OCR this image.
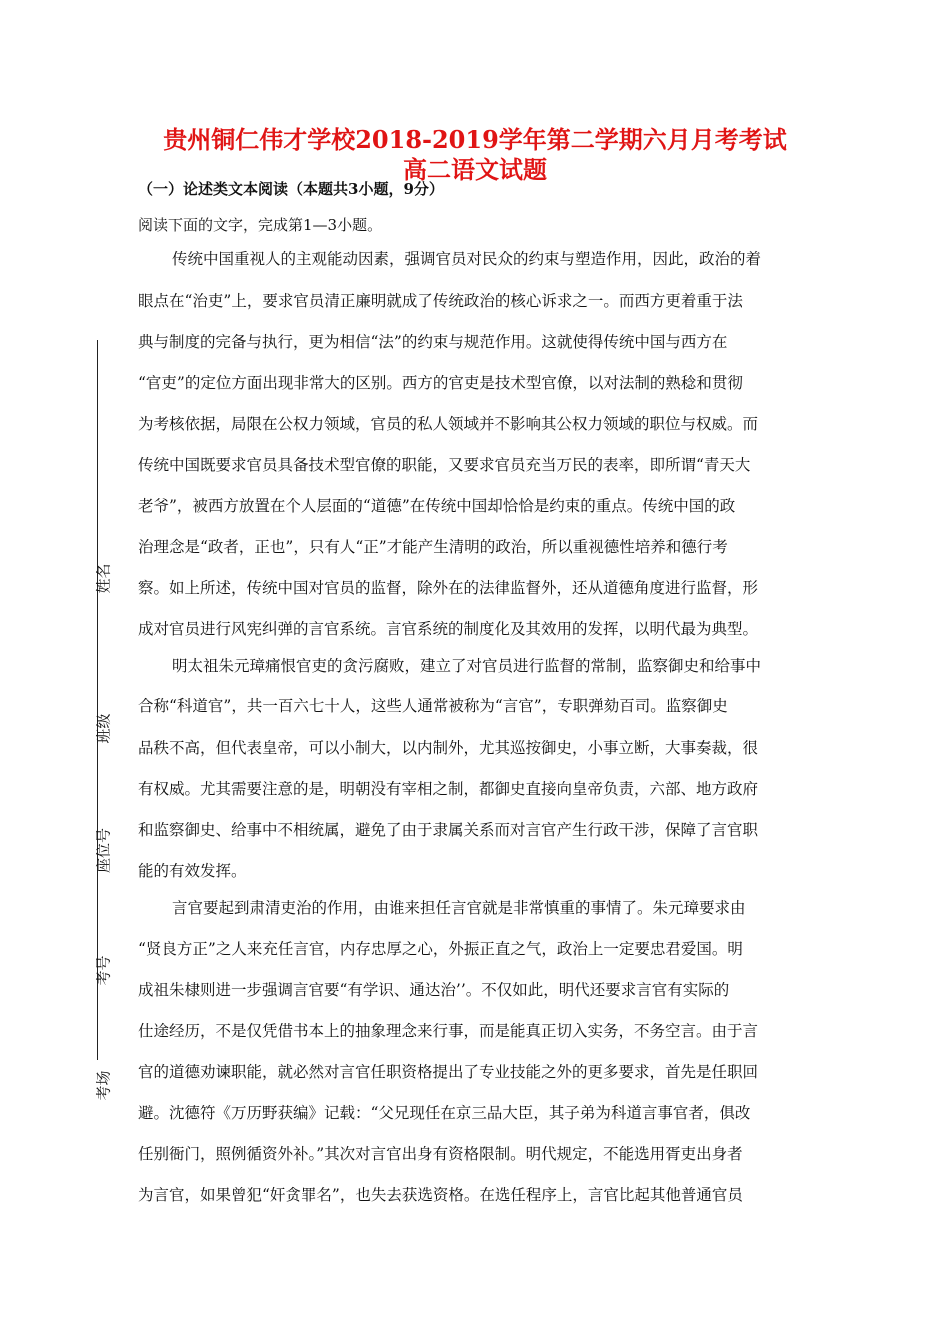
贵州铜仁伟才学校2018-2019学年第二学期六月月考考试
高二语文试题
（一）论述类文本阅读（本题共3小题，9分）
阅读下面的文字，完成第1—3小题。
传统中国重视人的主观能动因素，强调官员对民众的约束与塑造作用，因此，政治的着
眼点在“治吏”上，要求官员清正廉明就成了传统政治的核心诉求之一。而西方更着重于法
典与制度的完备与执行，更为相信“法”的约束与规范作用。这就使得传统中国与西方在
“官吏”的定位方面出现非常大的区别。西方的官吏是技术型官僚，以对法制的熟稔和贯彻
为考核依据，局限在公权力领域，官员的私人领域并不影响其公权力领域的职位与权威。而
传统中国既要求官员具备技术型官僚的职能，又要求官员充当万民的表率，即所谓“青天大
老爷”，被西方放置在个人层面的“道德”在传统中国却恰恰是约束的重点。传统中国的政
治理念是“政者，正也”，只有人“正”才能产生清明的政治，所以重视德性培养和德行考
察。如上所述，传统中国对官员的监督，除外在的法律监督外，还从道德角度进行监督，形
成对官员进行风宪纠弹的言官系统。言官系统的制度化及其效用的发挥，以明代最为典型。
明太祖朱元璋痛恨官吏的贪污腐败，建立了对官员进行监督的常制，监察御史和给事中
合称“科道官”，共一百六七十人，这些人通常被称为“言官”，专职弹劾百司。监察御史
品秩不高，但代表皇帝，可以小制大，以内制外，尤其巡按御史，小事立断，大事奏裁，很
有权威。尤其需要注意的是，明朝没有宰相之制，都御史直接向皇帝负责，六部、地方政府
和监察御史、给事中不相统属，避免了由于隶属关系而对言官产生行政干涉，保障了言官职
能的有效发挥。
言官要起到肃清吏治的作用，由谁来担任言官就是非常慎重的事情了。朱元璋要求由
“贤良方正”之人来充任言官，内存忠厚之心，外振正直之气，政治上一定要忠君爱国。明
成祖朱棣则进一步强调言官要“有学识、通达治’’。不仅如此，明代还要求言官有实际的
仕途经历，不是仅凭借书本上的抽象理念来行事，而是能真正切入实务，不务空言。由于言
官的道德劝谏职能，就必然对言官任职资格提出了专业技能之外的更多要求，首先是任职回
避。沈德符《万历野获编》记载：“父兄现任在京三品大臣，其子弟为科道言事官者，俱改
任别衙门，照例循资外补。”其次对言官出身有资格限制。明代规定，不能选用胥吏出身者
为言官，如果曾犯“奸贪罪名”，也失去获选资格。在选任程序上，言官比起其他普通官员
姓名
班级
座位号
考号
考场
